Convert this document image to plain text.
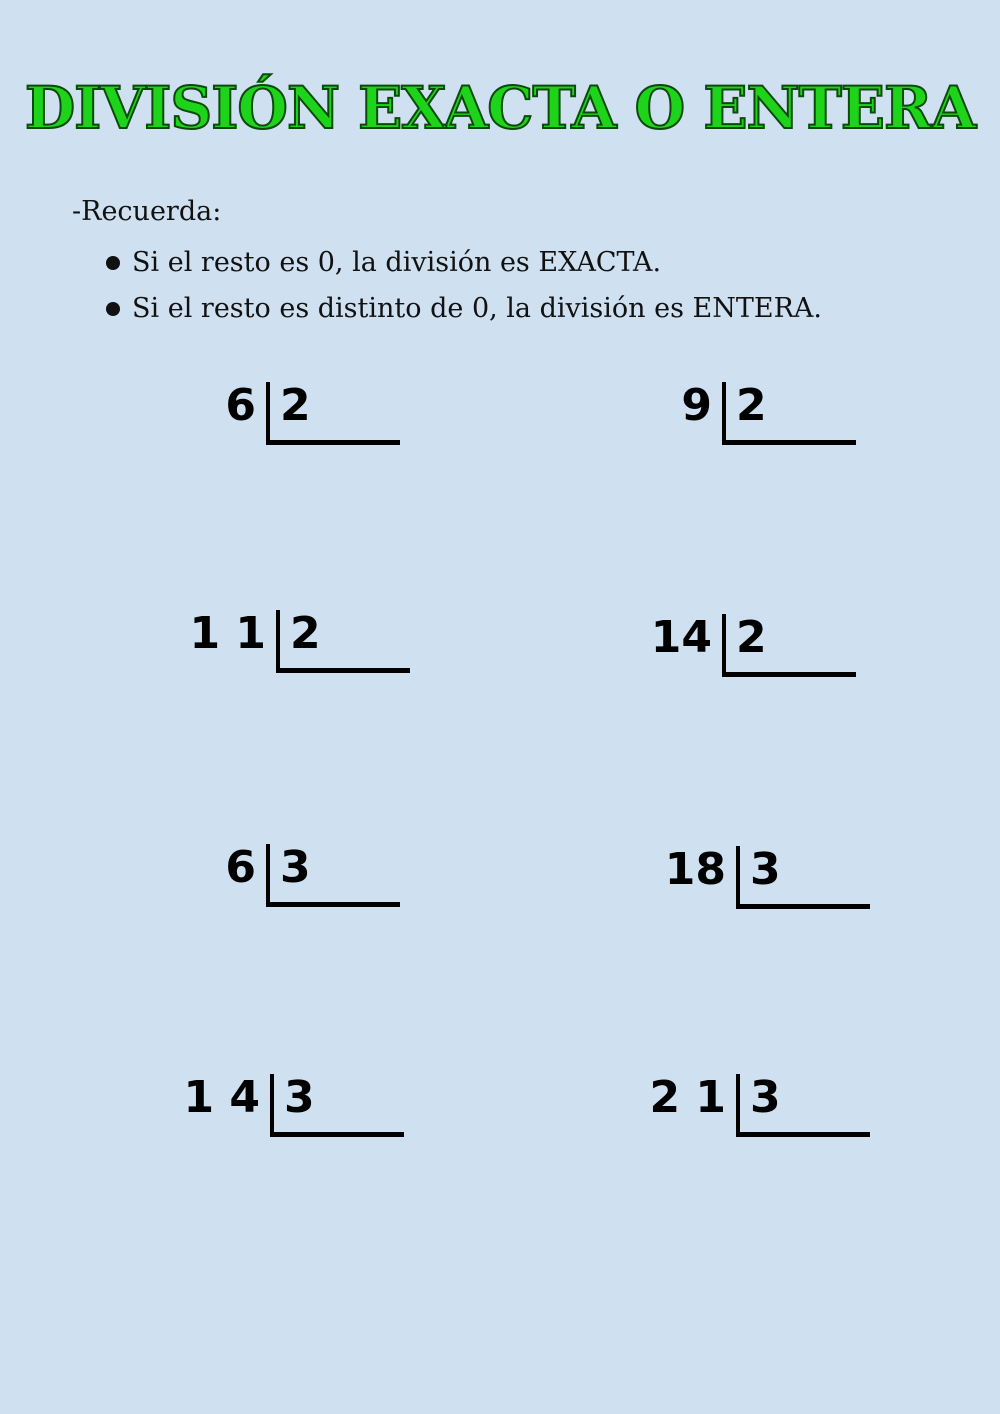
DIVISIÓN EXACTA O ENTERA
-Recuerda:
Si el resto es 0, la división es EXACTA.
Si el resto es distinto de 0, la división es ENTERA.
6 2	9 2
1 1 2	14 2
6 3	18 3
1 4 3	2 1 3
